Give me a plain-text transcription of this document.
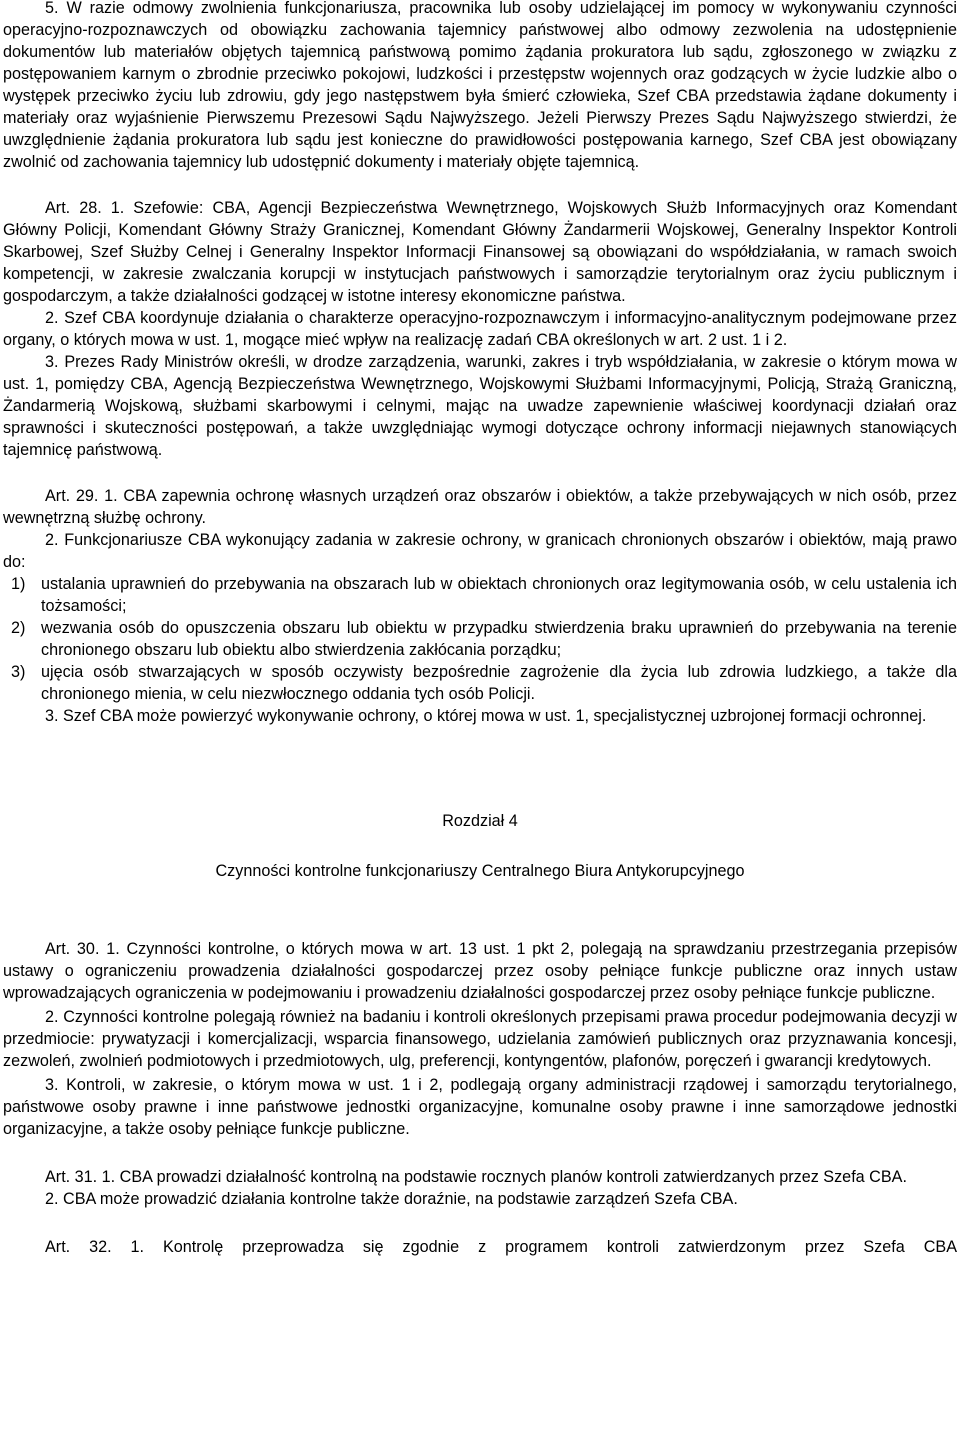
5. W razie odmowy zwolnienia funkcjonariusza, pracownika lub osoby udzielającej im pomocy w wykonywaniu czynności operacyjno-rozpoznawczych od obowiązku zachowania tajemnicy państwowej albo odmowy zezwolenia na udostępnienie dokumentów lub materiałów objętych tajemnicą państwową pomimo żądania prokuratora lub sądu, zgłoszonego w związku z postępowaniem karnym o zbrodnie przeciwko pokojowi, ludzkości i przestępstw wojennych oraz godzących w życie ludzkie albo o występek przeciwko życiu lub zdrowiu, gdy jego następstwem była śmierć człowieka, Szef CBA przedstawia żądane dokumenty i materiały oraz wyjaśnienie Pierwszemu Prezesowi Sądu Najwyższego. Jeżeli Pierwszy Prezes Sądu Najwyższego stwierdzi, że uwzględnienie żądania prokuratora lub sądu jest konieczne do prawidłowości postępowania karnego, Szef CBA jest obowiązany zwolnić od zachowania tajemnicy lub udostępnić dokumenty i materiały objęte tajemnicą.

Art. 28. 1. Szefowie: CBA, Agencji Bezpieczeństwa Wewnętrznego, Wojskowych Służb Informacyjnych oraz Komendant Główny Policji, Komendant Główny Straży Granicznej, Komendant Główny Żandarmerii Wojskowej, Generalny Inspektor Kontroli Skarbowej, Szef Służby Celnej i Generalny Inspektor Informacji Finansowej są obowiązani do współdziałania, w ramach swoich kompetencji, w zakresie zwalczania korupcji w instytucjach państwowych i samorządzie terytorialnym oraz życiu publicznym i gospodarczym, a także działalności godzącej w istotne interesy ekonomiczne państwa.

2. Szef CBA koordynuje działania o charakterze operacyjno-rozpoznawczym i informacyjno-analitycznym podejmowane przez organy, o których mowa w ust. 1, mogące mieć wpływ na realizację zadań CBA określonych w art. 2 ust. 1 i 2.

3. Prezes Rady Ministrów określi, w drodze zarządzenia, warunki, zakres i tryb współdziałania, w zakresie o którym mowa w ust. 1, pomiędzy CBA, Agencją Bezpieczeństwa Wewnętrznego, Wojskowymi Służbami Informacyjnymi, Policją, Strażą Graniczną, Żandarmerią Wojskową, służbami skarbowymi i celnymi, mając na uwadze zapewnienie właściwej koordynacji działań oraz sprawności i skuteczności postępowań, a także uwzględniając wymogi dotyczące ochrony informacji niejawnych stanowiących tajemnicę państwową.

Art. 29. 1. CBA zapewnia ochronę własnych urządzeń oraz obszarów i obiektów, a także przebywających w nich osób, przez wewnętrzną służbę ochrony.

2. Funkcjonariusze CBA wykonujący zadania w zakresie ochrony, w granicach chronionych obszarów i obiektów, mają prawo do:

1) ustalania uprawnień do przebywania na obszarach lub w obiektach chronionych oraz legitymowania osób, w celu ustalenia ich tożsamości;
2) wezwania osób do opuszczenia obszaru lub obiektu w przypadku stwierdzenia braku uprawnień do przebywania na terenie chronionego obszaru lub obiektu albo stwierdzenia zakłócania porządku;
3) ujęcia osób stwarzających w sposób oczywisty bezpośrednie zagrożenie dla życia lub zdrowia ludzkiego, a także dla chronionego mienia, w celu niezwłocznego oddania tych osób Policji.

3. Szef CBA może powierzyć wykonywanie ochrony, o której mowa w ust. 1, specjalistycznej uzbrojonej formacji ochronnej.

Rozdział 4

Czynności kontrolne funkcjonariuszy Centralnego Biura Antykorupcyjnego

Art. 30. 1. Czynności kontrolne, o których mowa w art. 13 ust. 1 pkt 2, polegają na sprawdzaniu przestrzegania przepisów ustawy o ograniczeniu prowadzenia działalności gospodarczej przez osoby pełniące funkcje publiczne oraz innych ustaw wprowadzających ograniczenia w podejmowaniu i prowadzeniu działalności gospodarczej przez osoby pełniące funkcje publiczne.

2. Czynności kontrolne polegają również na badaniu i kontroli określonych przepisami prawa procedur podejmowania decyzji w przedmiocie: prywatyzacji i komercjalizacji, wsparcia finansowego, udzielania zamówień publicznych oraz przyznawania koncesji, zezwoleń, zwolnień podmiotowych i przedmiotowych, ulg, preferencji, kontyngentów, plafonów, poręczeń i gwarancji kredytowych.

3. Kontroli, w zakresie, o którym mowa w ust. 1 i 2, podlegają organy administracji rządowej i samorządu terytorialnego, państwowe osoby prawne i inne państwowe jednostki organizacyjne, komunalne osoby prawne i inne samorządowe jednostki organizacyjne, a także osoby pełniące funkcje publiczne.

Art. 31. 1. CBA prowadzi działalność kontrolną na podstawie rocznych planów kontroli zatwierdzanych przez Szefa CBA.

2. CBA może prowadzić działania kontrolne także doraźnie, na podstawie zarządzeń Szefa CBA.

Art. 32. 1. Kontrolę przeprowadza się zgodnie z programem kontroli zatwierdzonym przez Szefa CBA
